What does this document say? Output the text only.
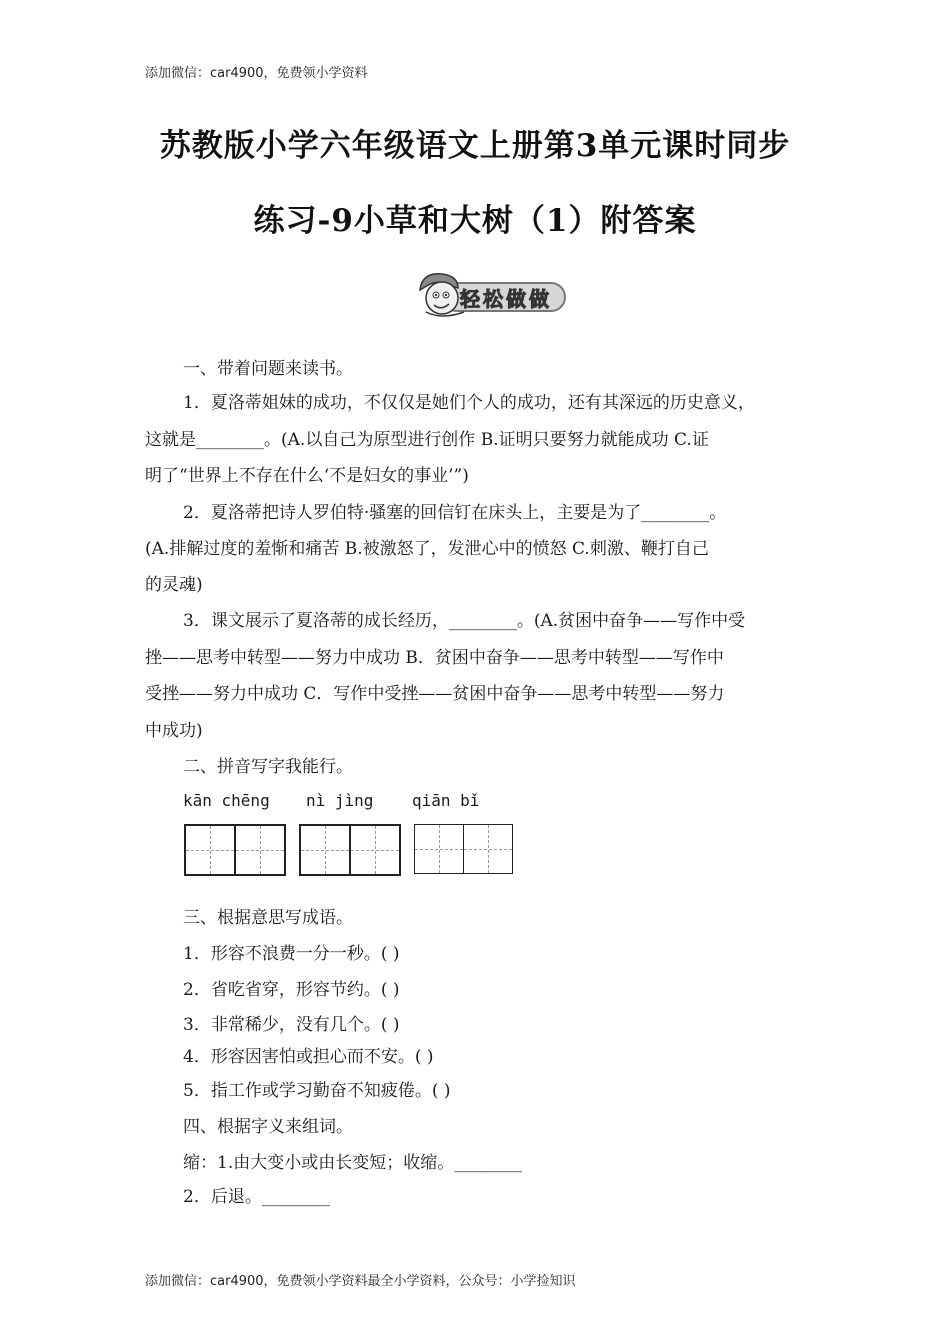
添加微信：car4900，免费领小学资料
苏教版小学六年级语文上册第3单元课时同步
练习-9小草和大树（1）附答案
轻松做做
一、带着问题来读书。
1．夏洛蒂姐妹的成功，不仅仅是她们个人的成功，还有其深远的历史意义，
这就是________。(A.以自己为原型进行创作 B.证明只要努力就能成功 C.证
明了“世界上不存在什么‘不是妇女的事业’”)
2．夏洛蒂把诗人罗伯特·骚塞的回信钉在床头上，主要是为了________。
(A.排解过度的羞惭和痛苦 B.被激怒了，发泄心中的愤怒 C.刺激、鞭打自己
的灵魂)
3．课文展示了夏洛蒂的成长经历，________。(A.贫困中奋争——写作中受
挫——思考中转型——努力中成功 B．贫困中奋争——思考中转型——写作中
受挫——努力中成功 C．写作中受挫——贫困中奋争——思考中转型——努力
中成功)
二、拼音写字我能行。
kān chēng nì jìng qiān bǐ
三、根据意思写成语。
1．形容不浪费一分一秒。( )
2．省吃省穿，形容节约。( )
3．非常稀少，没有几个。( )
4．形容因害怕或担心而不安。( )
5．指工作或学习勤奋不知疲倦。( )
四、根据字义来组词。
缩：1.由大变小或由长变短；收缩。________
2．后退。________
添加微信：car4900，免费领小学资料最全小学资料，公众号：小学捡知识
